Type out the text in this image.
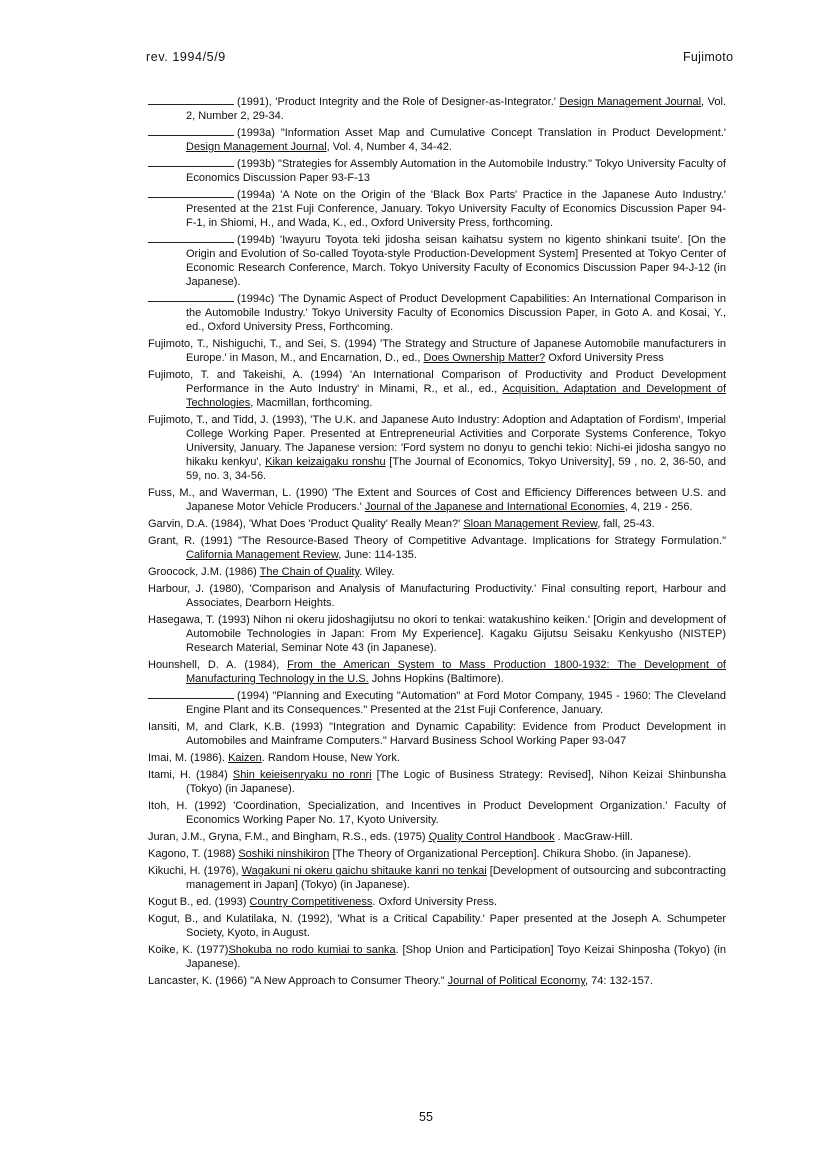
rev. 1994/5/9	Fujimoto

(1991), 'Product Integrity and the Role of Designer-as-Integrator.' Design Management Journal, Vol. 2, Number 2, 29-34.

(1993a) "Information Asset Map and Cumulative Concept Translation in Product Development.' Design Management Journal, Vol. 4, Number 4, 34-42.

(1993b) "Strategies for Assembly Automation in the Automobile Industry." Tokyo University Faculty of Economics Discussion Paper 93-F-13

(1994a) 'A Note on the Origin of the 'Black Box Parts' Practice in the Japanese Auto Industry.' Presented at the 21st Fuji Conference, January. Tokyo University Faculty of Economics Discussion Paper 94-F-1, in Shiomi, H., and Wada, K., ed., Oxford University Press, forthcoming.

(1994b) 'Iwayuru Toyota teki jidosha seisan kaihatsu system no kigento shinkani tsuite'. [On the Origin and Evolution of So-called Toyota-style Production-Development System] Presented at Tokyo Center of Economic Research Conference, March. Tokyo University Faculty of Economics Discussion Paper 94-J-12 (in Japanese).

(1994c) 'The Dynamic Aspect of Product Development Capabilities: An International Comparison in the Automobile Industry.' Tokyo University Faculty of Economics Discussion Paper, in Goto A. and Kosai, Y., ed., Oxford University Press, Forthcoming.

Fujimoto, T., Nishiguchi, T., and Sei, S. (1994) 'The Strategy and Structure of Japanese Automobile manufacturers in Europe.' in Mason, M., and Encarnation, D., ed., Does Ownership Matter? Oxford University Press

Fujimoto, T. and Takeishi, A. (1994) 'An International Comparison of Productivity and Product Development Performance in the Auto Industry' in Minami, R., et al., ed., Acquisition, Adaptation and Development of Technologies, Macmillan, forthcoming.

Fujimoto, T., and Tidd, J. (1993), 'The U.K. and Japanese Auto Industry: Adoption and Adaptation of Fordism', Imperial College Working Paper. Presented at Entrepreneurial Activities and Corporate Systems Conference, Tokyo University, January. The Japanese version: 'Ford system no donyu to genchi tekio: Nichi-ei jidosha sangyo no hikaku kenkyu', Kikan keizaigaku ronshu [The Journal of Economics, Tokyo University], 59 , no. 2, 36-50, and 59, no. 3, 34-56.

Fuss, M., and Waverman, L. (1990) 'The Extent and Sources of Cost and Efficiency Differences between U.S. and Japanese Motor Vehicle Producers.' Journal of the Japanese and International Economies, 4, 219 - 256.

Garvin, D.A. (1984), 'What Does 'Product Quality' Really Mean?' Sloan Management Review, fall, 25-43.

Grant, R. (1991) "The Resource-Based Theory of Competitive Advantage. Implications for Strategy Formulation." California Management Review, June: 114-135.

Groocock, J.M. (1986) The Chain of Quality. Wiley.

Harbour, J. (1980), 'Comparison and Analysis of Manufacturing Productivity.' Final consulting report, Harbour and Associates, Dearborn Heights.

Hasegawa, T. (1993) Nihon ni okeru jidoshagijutsu no okori to tenkai: watakushino keiken.' [Origin and development of Automobile Technologies in Japan: From My Experience]. Kagaku Gijutsu Seisaku Kenkyusho (NISTEP) Research Material, Seminar Note 43 (in Japanese).

Hounshell, D. A. (1984), From the American System to Mass Production 1800-1932: The Development of Manufacturing Technology in the U.S. Johns Hopkins (Baltimore).

(1994) "Planning and Executing "Automation" at Ford Motor Company, 1945 - 1960: The Cleveland Engine Plant and its Consequences." Presented at the 21st Fuji Conference, January.

Iansiti, M, and Clark, K.B. (1993) "Integration and Dynamic Capability: Evidence from Product Development in Automobiles and Mainframe Computers." Harvard Business School Working Paper 93-047

Imai, M. (1986). Kaizen. Random House, New York.

Itami, H. (1984) Shin keieisenryaku no ronri [The Logic of Business Strategy: Revised], Nihon Keizai Shinbunsha (Tokyo) (in Japanese).

Itoh, H. (1992) 'Coordination, Specialization, and Incentives in Product Development Organization.' Faculty of Economics Working Paper No. 17, Kyoto University.

Juran, J.M., Gryna, F.M., and Bingham, R.S., eds. (1975) Quality Control Handbook . MacGraw-Hill.

Kagono, T. (1988) Soshiki ninshikiron [The Theory of Organizational Perception]. Chikura Shobo. (in Japanese).

Kikuchi, H. (1976), Wagakuni ni okeru gaichu shitauke kanri no tenkai [Development of outsourcing and subcontracting management in Japan] (Tokyo) (in Japanese).

Kogut B., ed. (1993) Country Competitiveness. Oxford University Press.

Kogut, B., and Kulatilaka, N. (1992), 'What is a Critical Capability.' Paper presented at the Joseph A. Schumpeter Society, Kyoto, in August.

Koike, K. (1977)Shokuba no rodo kumiai to sanka. [Shop Union and Participation] Toyo Keizai Shinposha (Tokyo) (in Japanese).

Lancaster, K. (1966) "A New Approach to Consumer Theory." Journal of Political Economy, 74: 132-157.

55
